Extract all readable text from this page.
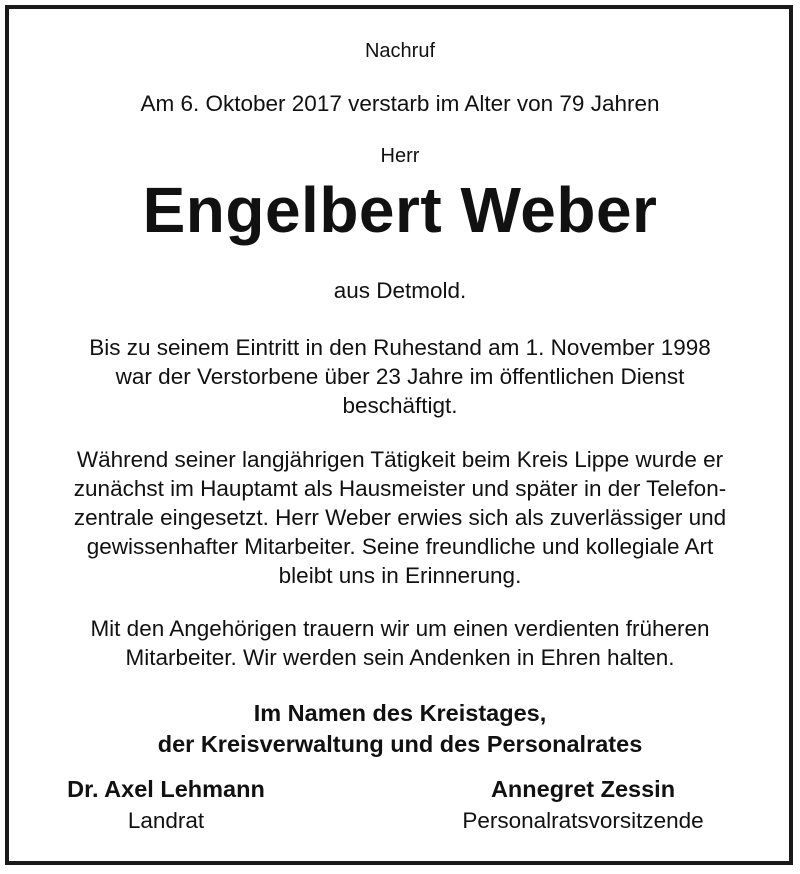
Nachruf
Am 6. Oktober 2017 verstarb im Alter von 79 Jahren
Herr
Engelbert Weber
aus Detmold.
Bis zu seinem Eintritt in den Ruhestand am 1. November 1998
war der Verstorbene über 23 Jahre im öffentlichen Dienst
beschäftigt.
Während seiner langjährigen Tätigkeit beim Kreis Lippe wurde er
zunächst im Hauptamt als Hausmeister und später in der Telefon-
zentrale eingesetzt. Herr Weber erwies sich als zuverlässiger und
gewissenhafter Mitarbeiter. Seine freundliche und kollegiale Art
bleibt uns in Erinnerung.
Mit den Angehörigen trauern wir um einen verdienten früheren
Mitarbeiter. Wir werden sein Andenken in Ehren halten.
Im Namen des Kreistages,
der Kreisverwaltung und des Personalrates
Dr. Axel Lehmann
Landrat
Annegret Zessin
Personalratsvorsitzende
